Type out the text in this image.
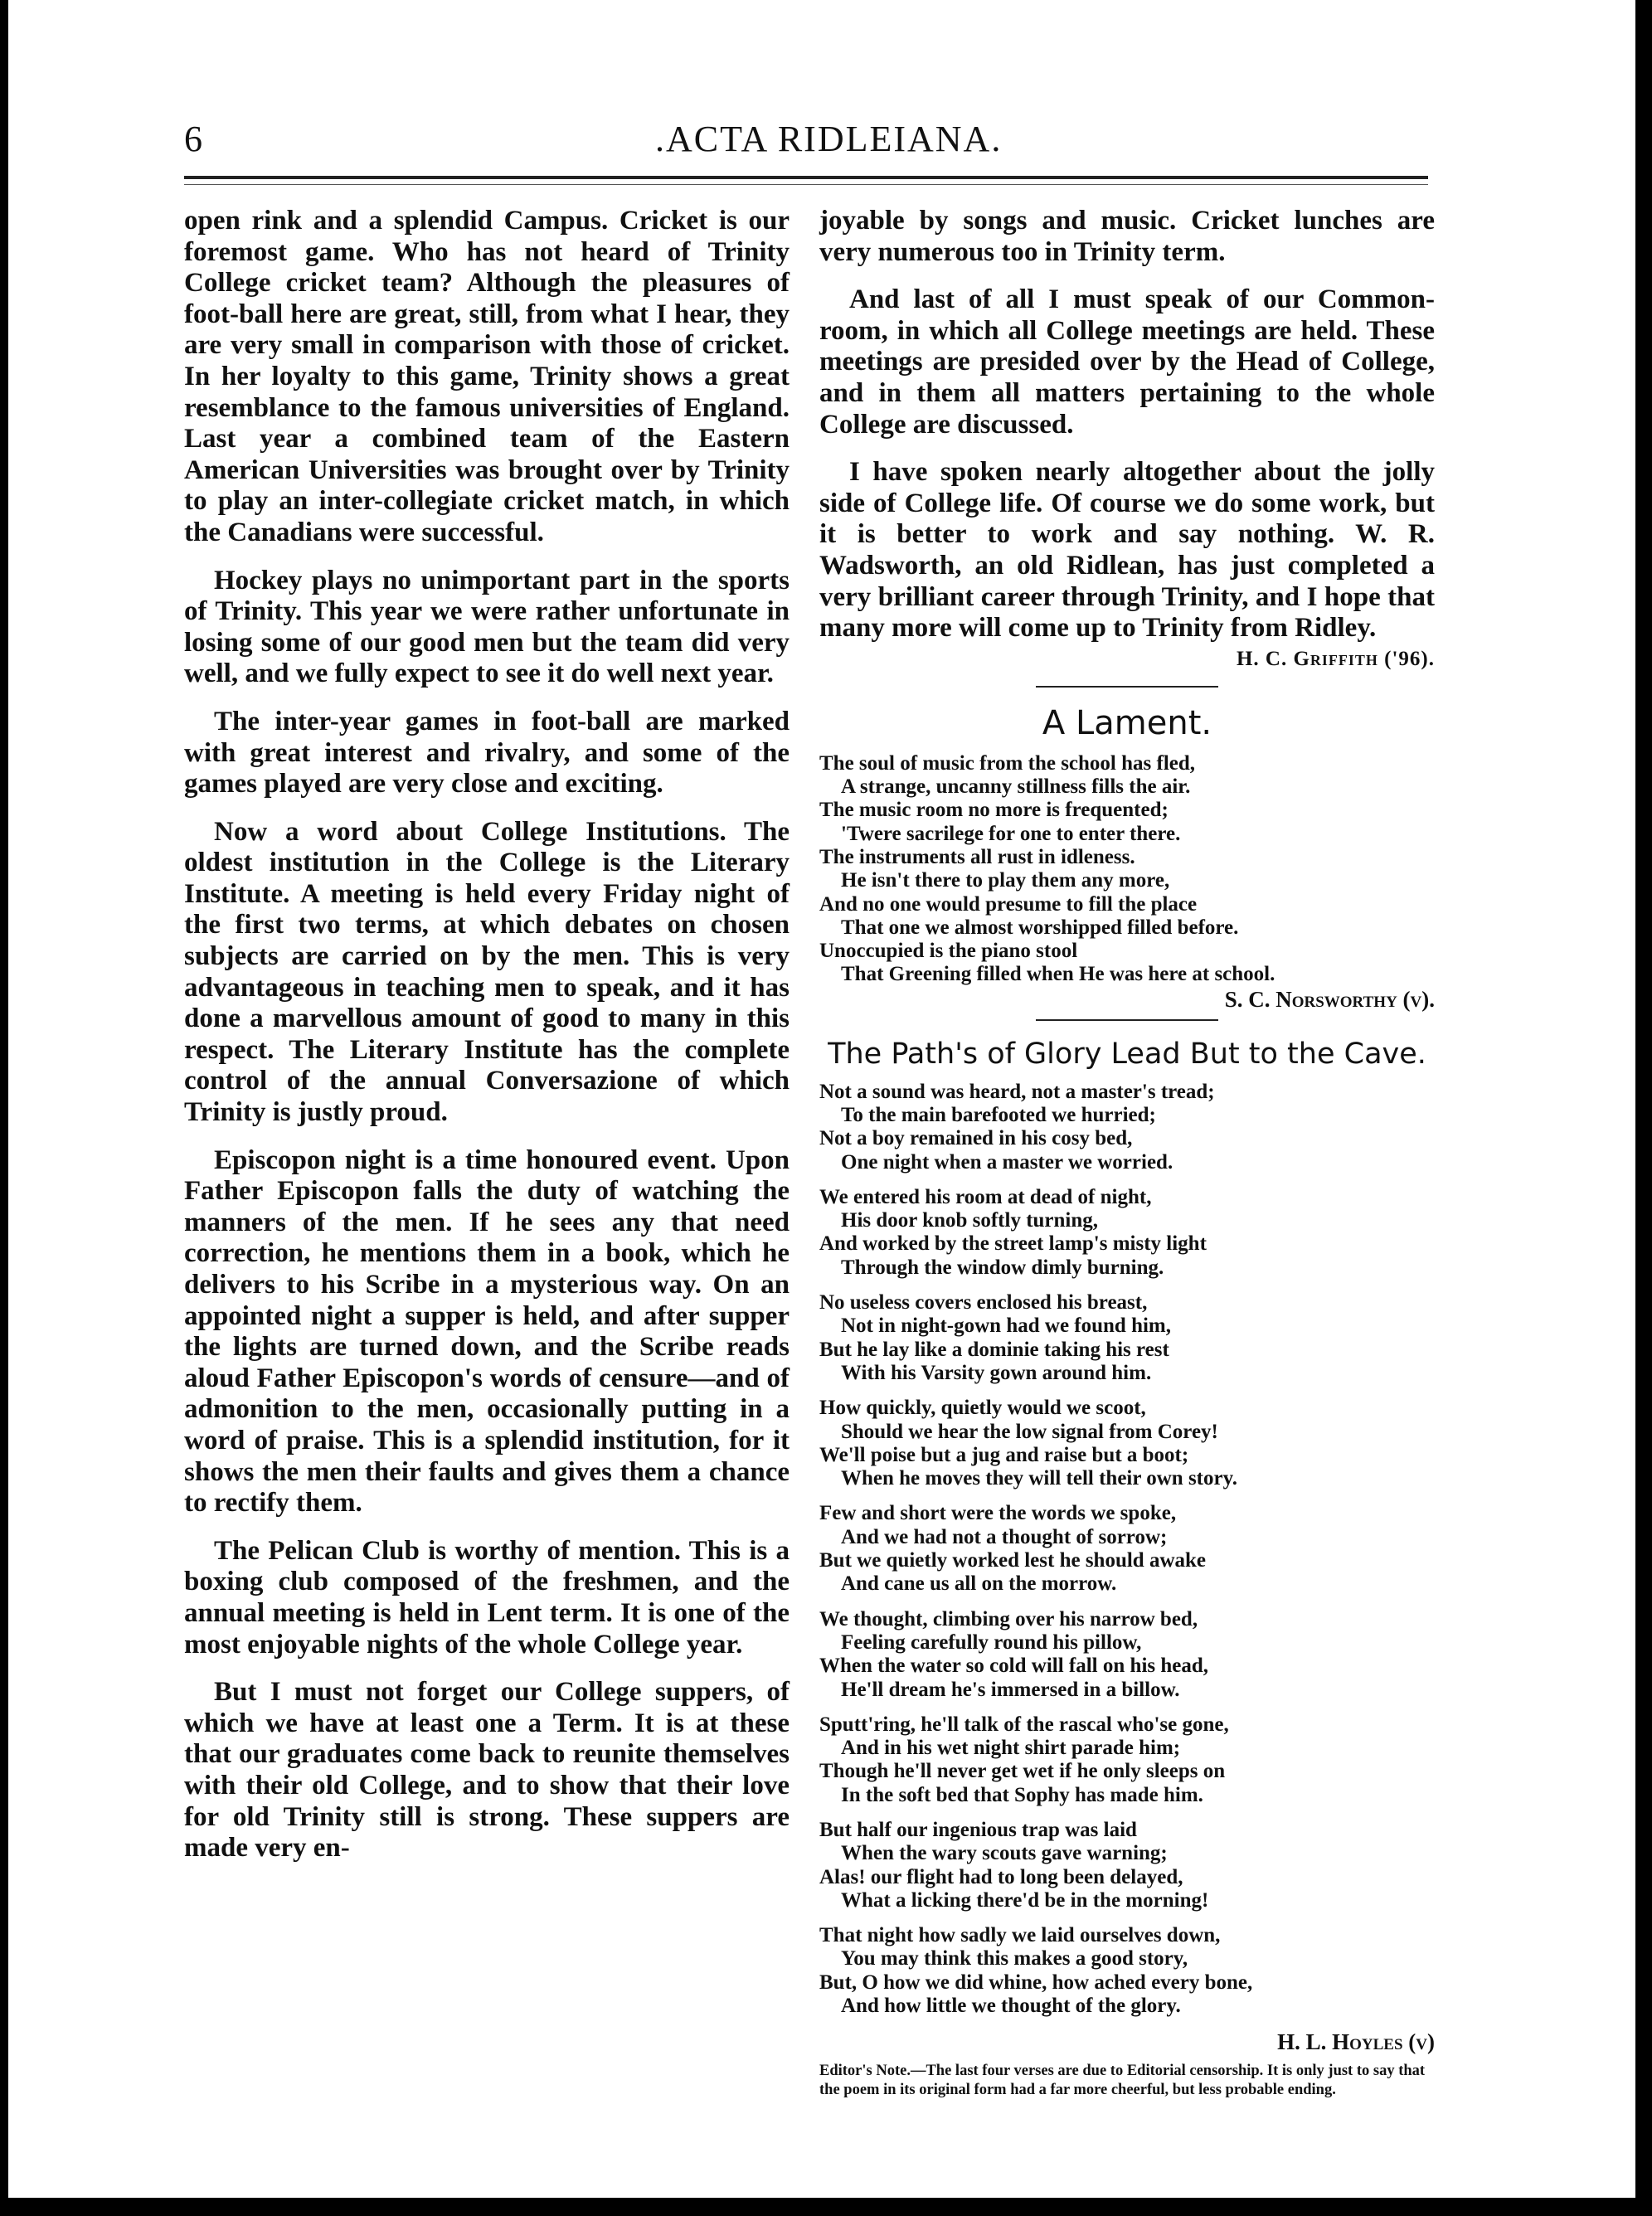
6	.ACTA RIDLEIANA.

open rink and a splendid Campus. Cricket is our foremost game. Who has not heard of Trinity College cricket team? Although the pleasures of foot-ball here are great, still, from what I hear, they are very small in comparison with those of cricket. In her loyalty to this game, Trinity shows a great resemblance to the famous universities of England. Last year a combined team of the Eastern American Universities was brought over by Trinity to play an inter-collegiate cricket match, in which the Canadians were successful.

Hockey plays no unimportant part in the sports of Trinity. This year we were rather unfortunate in losing some of our good men but the team did very well, and we fully expect to see it do well next year.

The inter-year games in foot-ball are marked with great interest and rivalry, and some of the games played are very close and exciting.

Now a word about College Institutions. The oldest institution in the College is the Literary Institute. A meeting is held every Friday night of the first two terms, at which debates on chosen subjects are carried on by the men. This is very advantageous in teaching men to speak, and it has done a marvellous amount of good to many in this respect. The Literary Institute has the complete control of the annual Conversazione of which Trinity is justly proud.

Episcopon night is a time honoured event. Upon Father Episcopon falls the duty of watching the manners of the men. If he sees any that need correction, he mentions them in a book, which he delivers to his Scribe in a mysterious way. On an appointed night a supper is held, and after supper the lights are turned down, and the Scribe reads aloud Father Episcopon's words of censure—and of admonition to the men, occasionally putting in a word of praise. This is a splendid institution, for it shows the men their faults and gives them a chance to rectify them.

The Pelican Club is worthy of mention. This is a boxing club composed of the freshmen, and the annual meeting is held in Lent term. It is one of the most enjoyable nights of the whole College year.

But I must not forget our College suppers, of which we have at least one a Term. It is at these that our graduates come back to reunite themselves with their old College, and to show that their love for old Trinity still is strong. These suppers are made very en-

joyable by songs and music. Cricket lunches are very numerous too in Trinity term.

And last of all I must speak of our Common-room, in which all College meetings are held. These meetings are presided over by the Head of College, and in them all matters pertaining to the whole College are discussed.

I have spoken nearly altogether about the jolly side of College life. Of course we do some work, but it is better to work and say nothing. W. R. Wadsworth, an old Ridlean, has just completed a very brilliant career through Trinity, and I hope that many more will come up to Trinity from Ridley.

H. C. Griffith ('96).
A Lament.
The soul of music from the school has fled,
A strange, uncanny stillness fills the air.
The music room no more is frequented;
'Twere sacrilege for one to enter there.
The instruments all rust in idleness.
He isn't there to play them any more,
And no one would presume to fill the place
That one we almost worshipped filled before.
Unoccupied is the piano stool
That Greening filled when He was here at school.
S. C. Norsworthy (v).
The Path's of Glory Lead But to the Cave.
Not a sound was heard, not a master's tread;
To the main barefooted we hurried;
Not a boy remained in his cosy bed,
One night when a master we worried.
We entered his room at dead of night,
His door knob softly turning,
And worked by the street lamp's misty light
Through the window dimly burning.
No useless covers enclosed his breast,
Not in night-gown had we found him,
But he lay like a dominie taking his rest
With his Varsity gown around him.
How quickly, quietly would we scoot,
Should we hear the low signal from Corey!
We'll poise but a jug and raise but a boot;
When he moves they will tell their own story.
Few and short were the words we spoke,
And we had not a thought of sorrow;
But we quietly worked lest he should awake
And cane us all on the morrow.
We thought, climbing over his narrow bed,
Feeling carefully round his pillow,
When the water so cold will fall on his head,
He'll dream he's immersed in a billow.
Sputt'ring, he'll talk of the rascal who'se gone,
And in his wet night shirt parade him;
Though he'll never get wet if he only sleeps on
In the soft bed that Sophy has made him.
But half our ingenious trap was laid
When the wary scouts gave warning;
Alas! our flight had to long been delayed,
What a licking there'd be in the morning!
That night how sadly we laid ourselves down,
You may think this makes a good story,
But, O how we did whine, how ached every bone,
And how little we thought of the glory.
H. L. Hoyles (v)
Editor's Note.—The last four verses are due to Editorial censorship. It is only just to say that the poem in its original form had a far more cheerful, but less probable ending.
